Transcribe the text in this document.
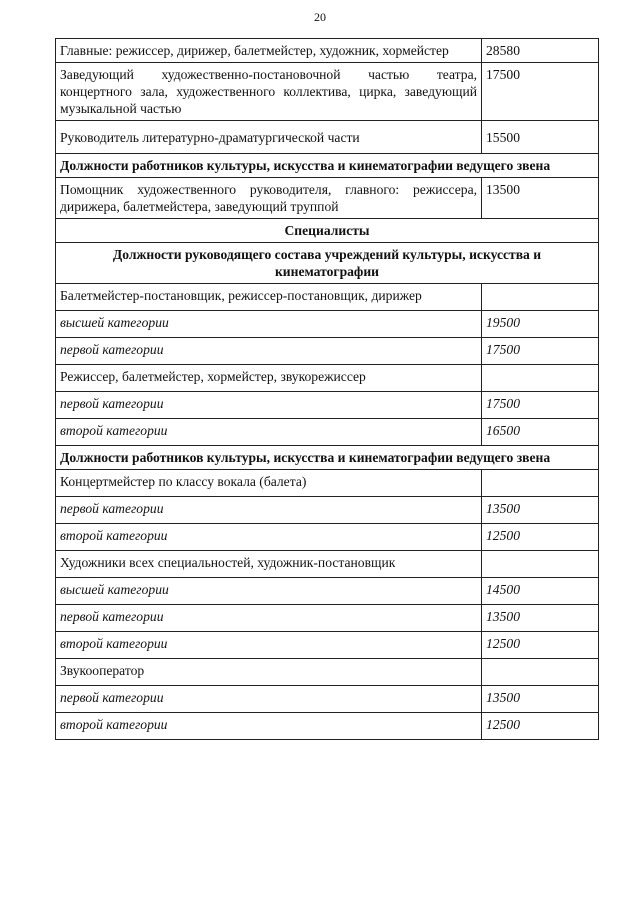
20
Главные: режиссер, дирижер, балетмейстер, художник, хормейстер	28580
Заведующий художественно-постановочной частью театра, концертного зала, художественного коллектива, цирка, заведующий музыкальной частью	17500
Руководитель литературно-драматургической части	15500
Должности работников культуры, искусства и кинематографии ведущего звена	
Помощник художественного руководителя, главного: режиссера, дирижера, балетмейстера, заведующий труппой	13500
Специалисты	
Должности руководящего состава учреждений культуры, искусства и кинематографии	
Балетмейстер-постановщик, режиссер-постановщик, дирижер	
высшей категории	19500
первой категории	17500
Режиссер, балетмейстер, хормейстер, звукорежиссер	
первой категории	17500
второй категории	16500
Должности работников культуры, искусства и кинематографии ведущего звена	
Концертмейстер по классу вокала (балета)	
первой категории	13500
второй категории	12500
Художники всех специальностей, художник-постановщик	
высшей категории	14500
первой категории	13500
второй категории	12500
Звукооператор	
первой категории	13500
второй категории	12500
